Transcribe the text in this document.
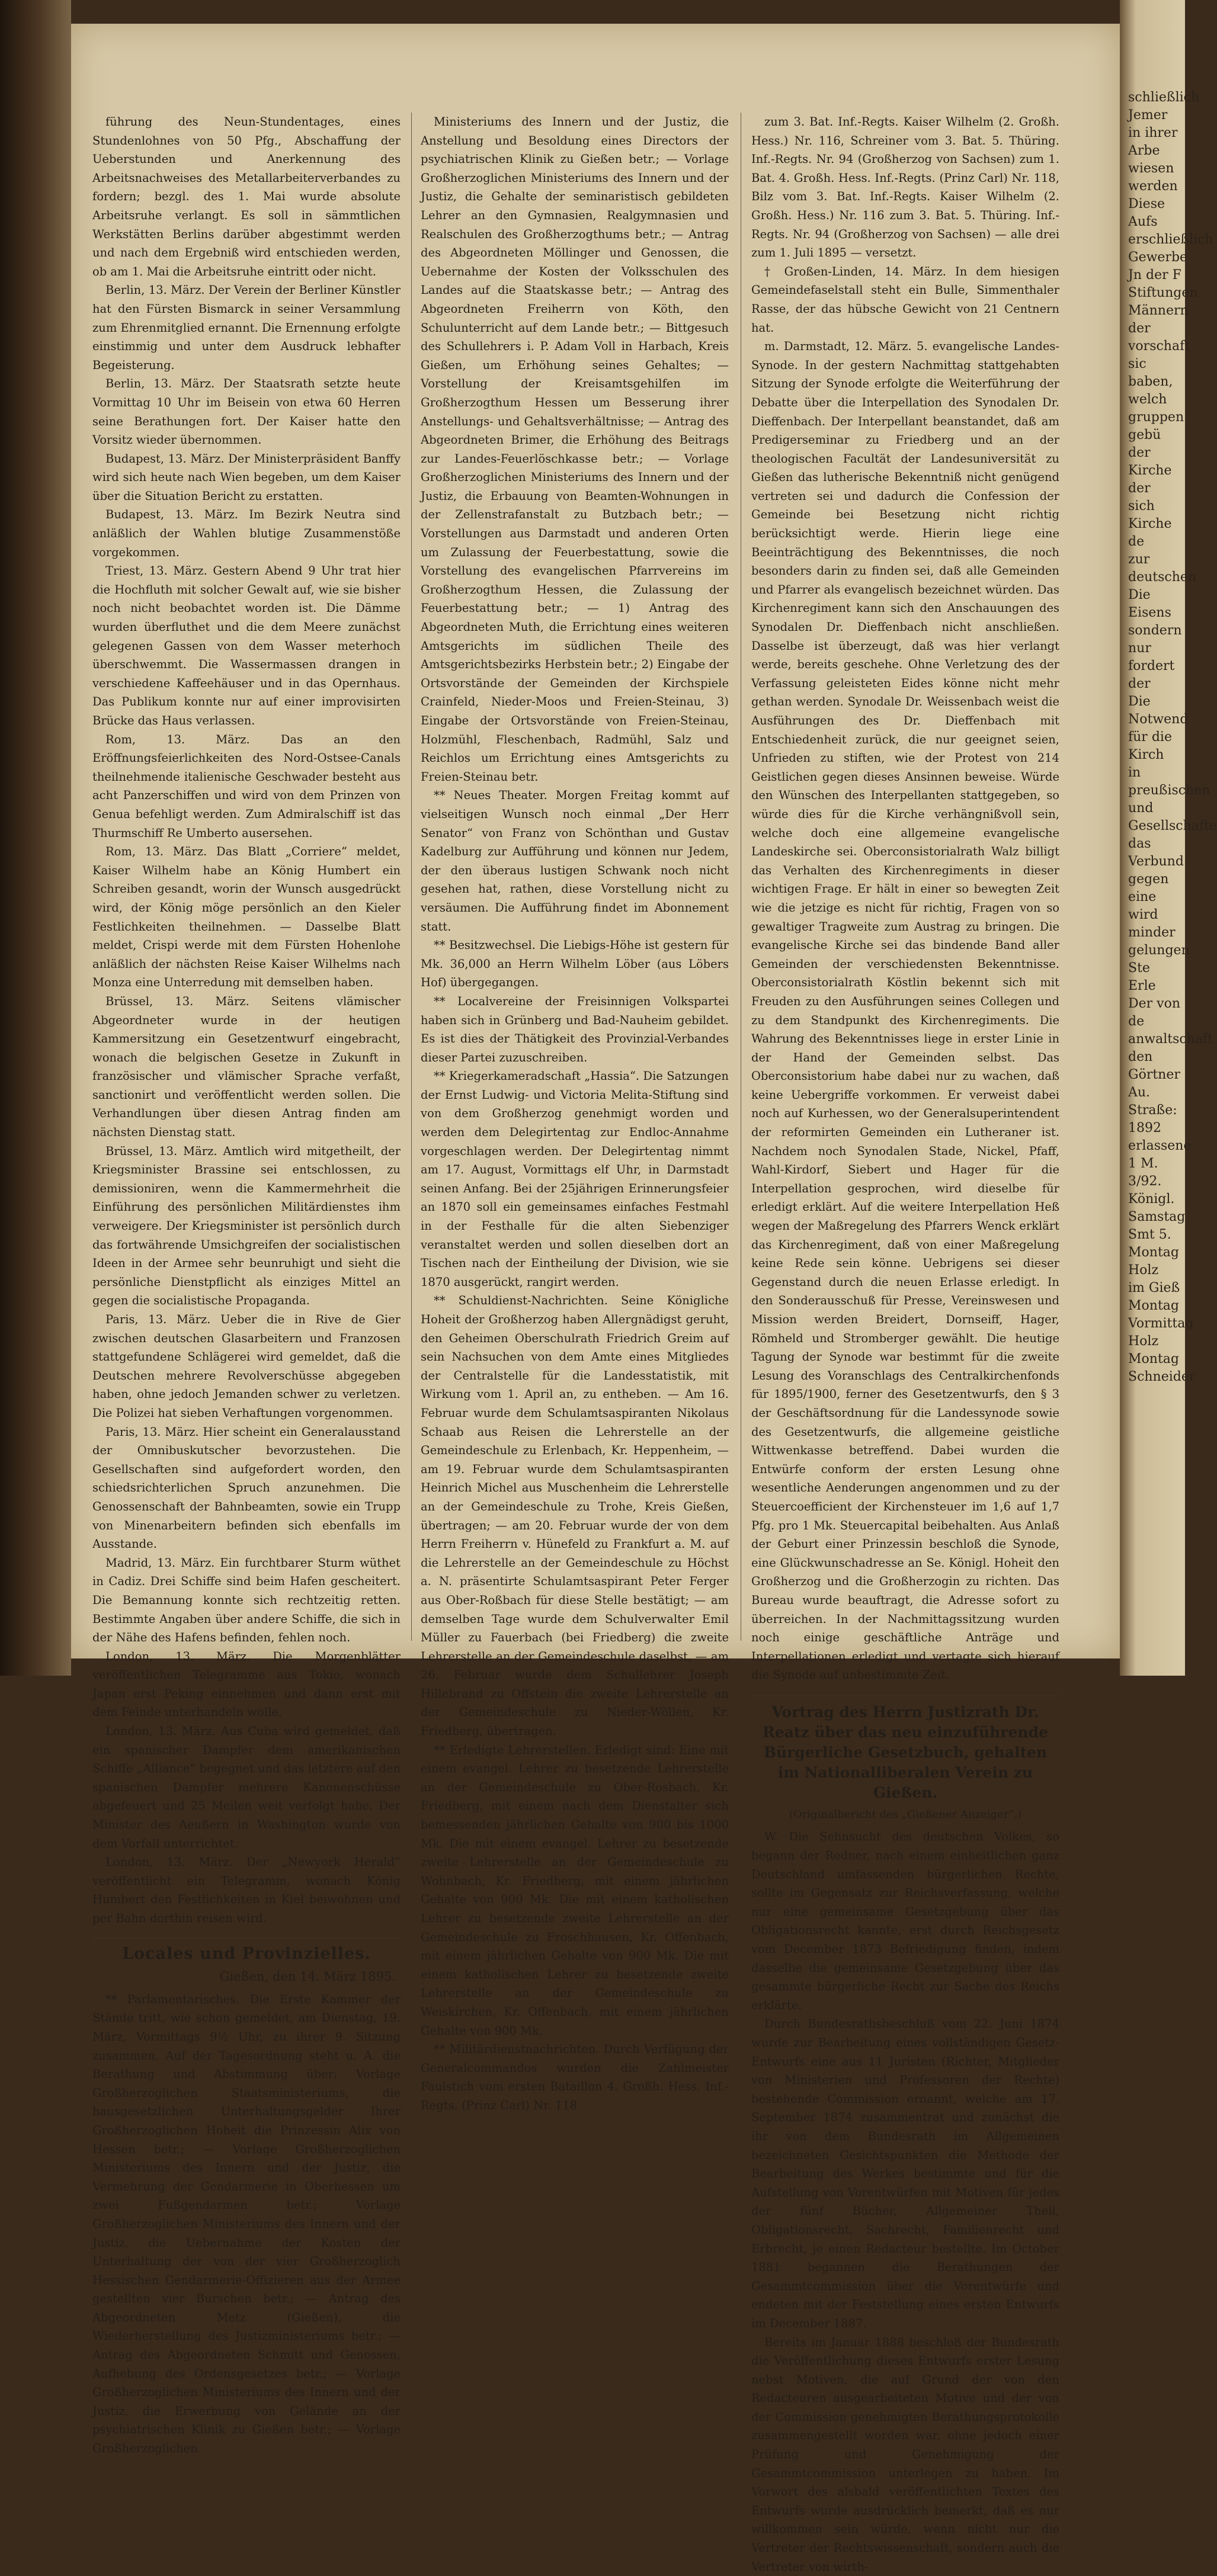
führung des Neun-Stundentages, eines Stundenlohnes von 50 Pfg., Abschaffung der Ueberstunden und Anerkennung des Arbeitsnachweises des Metallarbeiterverbandes zu fordern; bezgl. des 1. Mai wurde absolute Arbeitsruhe verlangt. Es soll in sämmtlichen Werkstätten Berlins darüber abgestimmt werden und nach dem Ergebniß wird entschieden werden, ob am 1. Mai die Arbeitsruhe eintritt oder nicht.

Berlin, 13. März. Der Verein der Berliner Künstler hat den Fürsten Bismarck in seiner Versammlung zum Ehrenmitglied ernannt. Die Ernennung erfolgte einstimmig und unter dem Ausdruck lebhafter Begeisterung.

Berlin, 13. März. Der Staatsrath setzte heute Vormittag 10 Uhr im Beisein von etwa 60 Herren seine Berathungen fort. Der Kaiser hatte den Vorsitz wieder übernommen.

Budapest, 13. März. Der Ministerpräsident Banffy wird sich heute nach Wien begeben, um dem Kaiser über die Situation Bericht zu erstatten.

Budapest, 13. März. Im Bezirk Neutra sind anläßlich der Wahlen blutige Zusammenstöße vorgekommen.

Triest, 13. März. Gestern Abend 9 Uhr trat hier die Hochfluth mit solcher Gewalt auf, wie sie bisher noch nicht beobachtet worden ist. Die Dämme wurden überfluthet und die dem Meere zunächst gelegenen Gassen von dem Wasser meterhoch überschwemmt. Die Wassermassen drangen in verschiedene Kaffeehäuser und in das Opernhaus. Das Publikum konnte nur auf einer improvisirten Brücke das Haus verlassen.

Rom, 13. März. Das an den Eröffnungsfeierlichkeiten des Nord-Ostsee-Canals theilnehmende italienische Geschwader besteht aus acht Panzerschiffen und wird von dem Prinzen von Genua befehligt werden. Zum Admiralschiff ist das Thurmschiff Re Umberto ausersehen.

Rom, 13. März. Das Blatt „Corriere“ meldet, Kaiser Wilhelm habe an König Humbert ein Schreiben gesandt, worin der Wunsch ausgedrückt wird, der König möge persönlich an den Kieler Festlichkeiten theilnehmen. — Dasselbe Blatt meldet, Crispi werde mit dem Fürsten Hohenlohe anläßlich der nächsten Reise Kaiser Wilhelms nach Monza eine Unterredung mit demselben haben.

Brüssel, 13. März. Seitens vlämischer Abgeordneter wurde in der heutigen Kammersitzung ein Gesetzentwurf eingebracht, wonach die belgischen Gesetze in Zukunft in französischer und vlämischer Sprache verfaßt, sanctionirt und veröffentlicht werden sollen. Die Verhandlungen über diesen Antrag finden am nächsten Dienstag statt.

Brüssel, 13. März. Amtlich wird mitgetheilt, der Kriegsminister Brassine sei entschlossen, zu demissioniren, wenn die Kammermehrheit die Einführung des persönlichen Militärdienstes ihm verweigere. Der Kriegsminister ist persönlich durch das fortwährende Umsichgreifen der socialistischen Ideen in der Armee sehr beunruhigt und sieht die persönliche Dienstpflicht als einziges Mittel an gegen die socialistische Propaganda.

Paris, 13. März. Ueber die in Rive de Gier zwischen deutschen Glasarbeitern und Franzosen stattgefundene Schlägerei wird gemeldet, daß die Deutschen mehrere Revolverschüsse abgegeben haben, ohne jedoch Jemanden schwer zu verletzen. Die Polizei hat sieben Verhaftungen vorgenommen.

Paris, 13. März. Hier scheint ein Generalausstand der Omnibuskutscher bevorzustehen. Die Gesellschaften sind aufgefordert worden, den schiedsrichterlichen Spruch anzunehmen. Die Genossenschaft der Bahnbeamten, sowie ein Trupp von Minenarbeitern befinden sich ebenfalls im Ausstande.

Madrid, 13. März. Ein furchtbarer Sturm wüthet in Cadiz. Drei Schiffe sind beim Hafen gescheitert. Die Bemannung konnte sich rechtzeitig retten. Bestimmte Angaben über andere Schiffe, die sich in der Nähe des Hafens befinden, fehlen noch.

London, 13. März. Die Morgenblätter veröffentlichen Telegramme aus Tokio, wonach Japan erst Peking einnehmen und dann erst mit dem Feinde unterhandeln wolle.

London, 13. März. Aus Cuba wird gemeldet, daß ein spanischer Dampfer dem amerikanischen Schiffe „Alliance“ begegnet und das letztere auf den spanischen Dampfer mehrere Kanonenschüsse abgefeuert und 25 Meilen weit verfolgt habe. Der Minister des Aeußern in Washington wurde von dem Vorfall unterrichtet.

London, 13. März. Der „Newyork Herald“ veröffentlicht ein Telegramm, wonach König Humbert den Festlichkeiten in Kiel beiwohnen und per Bahn dorthin reisen wird.

Locales und Provinzielles.
Gießen, den 14. März 1895.

** Parlamentarisches. Die Erste Kammer der Stände tritt, wie schon gemeldet, am Dienstag, 19. März, Vormittags 9½ Uhr, zu ihrer 9. Sitzung zusammen. Auf der Tagesordnung steht u. A. die Berathung und Abstimmung über: Vorlage Großherzoglichen Staatsministeriums, die hausgesetzlichen Unterhaltungsgelder Ihrer Großherzoglichen Hoheit die Prinzessin Alix von Hessen betr.; — Vorlage Großherzoglichen Ministeriums des Innern und der Justiz, die Vermehrung der Gendarmerie in Oberhessen um zwei Fußgendarmen betr.; Vorlage Großherzoglichen Ministeriums des Innern und der Justiz, die Uebernahme der Kosten der Unterhaltung der von der vier Großherzoglich Hessischen Gendarmerie-Offizieren aus der Armee gestellten vier Burschen betr.; — Antrag des Abgeordneten Metz (Gießen), die Wiederherstellung des Justizministeriums betr.; — Antrag des Abgeordneten Schmitt und Genossen, Aufhebung des Ordensgesetzes betr.; — Vorlage Großherzoglichen Ministeriums des Innern und der Justiz, die Erwerbung von Gelände an der psychiatrischen Klinik zu Gießen betr.; — Vorlage Großherzoglichen

Ministeriums des Innern und der Justiz, die Anstellung und Besoldung eines Directors der psychiatrischen Klinik zu Gießen betr.; — Vorlage Großherzoglichen Ministeriums des Innern und der Justiz, die Gehalte der seminaristisch gebildeten Lehrer an den Gymnasien, Realgymnasien und Realschulen des Großherzogthums betr.; — Antrag des Abgeordneten Möllinger und Genossen, die Uebernahme der Kosten der Volksschulen des Landes auf die Staatskasse betr.; — Antrag des Abgeordneten Freiherrn von Köth, den Schulunterricht auf dem Lande betr.; — Bittgesuch des Schullehrers i. P. Adam Voll in Harbach, Kreis Gießen, um Erhöhung seines Gehaltes; — Vorstellung der Kreisamtsgehilfen im Großherzogthum Hessen um Besserung ihrer Anstellungs- und Gehaltsverhältnisse; — Antrag des Abgeordneten Brimer, die Erhöhung des Beitrags zur Landes-Feuerlöschkasse betr.; — Vorlage Großherzoglichen Ministeriums des Innern und der Justiz, die Erbauung von Beamten-Wohnungen in der Zellenstrafanstalt zu Butzbach betr.; — Vorstellungen aus Darmstadt und anderen Orten um Zulassung der Feuerbestattung, sowie die Vorstellung des evangelischen Pfarrvereins im Großherzogthum Hessen, die Zulassung der Feuerbestattung betr.; — 1) Antrag des Abgeordneten Muth, die Errichtung eines weiteren Amtsgerichts im südlichen Theile des Amtsgerichtsbezirks Herbstein betr.; 2) Eingabe der Ortsvorstände der Gemeinden der Kirchspiele Crainfeld, Nieder-Moos und Freien-Steinau, 3) Eingabe der Ortsvorstände von Freien-Steinau, Holzmühl, Fleschenbach, Radmühl, Salz und Reichlos um Errichtung eines Amtsgerichts zu Freien-Steinau betr.

** Neues Theater. Morgen Freitag kommt auf vielseitigen Wunsch noch einmal „Der Herr Senator“ von Franz von Schönthan und Gustav Kadelburg zur Aufführung und können nur Jedem, der den überaus lustigen Schwank noch nicht gesehen hat, rathen, diese Vorstellung nicht zu versäumen. Die Aufführung findet im Abonnement statt.

** Besitzwechsel. Die Liebigs-Höhe ist gestern für Mk. 36,000 an Herrn Wilhelm Löber (aus Löbers Hof) übergegangen.

** Localvereine der Freisinnigen Volkspartei haben sich in Grünberg und Bad-Nauheim gebildet. Es ist dies der Thätigkeit des Provinzial-Verbandes dieser Partei zuzuschreiben.

** Kriegerkameradschaft „Hassia“. Die Satzungen der Ernst Ludwig- und Victoria Melita-Stiftung sind von dem Großherzog genehmigt worden und werden dem Delegirtentag zur Endloc-Annahme vorgeschlagen werden. Der Delegirtentag nimmt am 17. August, Vormittags elf Uhr, in Darmstadt seinen Anfang. Bei der 25jährigen Erinnerungsfeier an 1870 soll ein gemeinsames einfaches Festmahl in der Festhalle für die alten Siebenziger veranstaltet werden und sollen dieselben dort an Tischen nach der Eintheilung der Division, wie sie 1870 ausgerückt, rangirt werden.

** Schuldienst-Nachrichten. Seine Königliche Hoheit der Großherzog haben Allergnädigst geruht, den Geheimen Oberschulrath Friedrich Greim auf sein Nachsuchen von dem Amte eines Mitgliedes der Centralstelle für die Landesstatistik, mit Wirkung vom 1. April an, zu entheben. — Am 16. Februar wurde dem Schulamtsaspiranten Nikolaus Schaab aus Reisen die Lehrerstelle an der Gemeindeschule zu Erlenbach, Kr. Heppenheim, — am 19. Februar wurde dem Schulamtsaspiranten Heinrich Michel aus Muschenheim die Lehrerstelle an der Gemeindeschule zu Trohe, Kreis Gießen, übertragen; — am 20. Februar wurde der von dem Herrn Freiherrn v. Hünefeld zu Frankfurt a. M. auf die Lehrerstelle an der Gemeindeschule zu Höchst a. N. präsentirte Schulamtsaspirant Peter Ferger aus Ober-Roßbach für diese Stelle bestätigt; — am demselben Tage wurde dem Schulverwalter Emil Müller zu Fauerbach (bei Friedberg) die zweite Lehrerstelle an der Gemeindeschule daselbst, — am 26. Februar wurde dem Schullehrer Joseph Hillebrand zu Offstein die zweite Lehrerstelle an der Gemeindeschule zu Nieder-Wöllen, Kr. Friedberg, übertragen.

** Erledigte Lehrerstellen. Erledigt sind: Eine mit einem evangel. Lehrer zu besetzende Lehrerstelle an der Gemeindeschule zu Ober-Rosbach, Kr. Friedberg, mit einem nach dem Dienstalter sich bemessenden jährlichen Gehalte von 900 bis 1000 Mk. Die mit einem evangel. Lehrer zu besetzende zweite Lehrerstelle an der Gemeindeschule zu Wohnbach, Kr. Friedberg, mit einem jährlichen Gehalte von 900 Mk. Die mit einem katholischen Lehrer zu besetzende zweite Lehrerstelle an der Gemeindeschule zu Froschhausen, Kr. Offenbach, mit einem jährlichen Gehalte von 900 Mk. Die mit einem katholischen Lehrer zu besetzende zweite Lehrerstelle an der Gemeindeschule zu Weiskirchen, Kr. Offenbach, mit einem jährlichen Gehalte von 900 Mk.

** Militärdienstnachrichten. Durch Verfügung der Generalcommandos wurden die Zahlmeister Faulstich vom ersten Bataillon 4. Großh. Hess. Inf.-Regts. (Prinz Carl) Nr. 118

zum 3. Bat. Inf.-Regts. Kaiser Wilhelm (2. Großh. Hess.) Nr. 116, Schreiner vom 3. Bat. 5. Thüring. Inf.-Regts. Nr. 94 (Großherzog von Sachsen) zum 1. Bat. 4. Großh. Hess. Inf.-Regts. (Prinz Carl) Nr. 118, Bilz vom 3. Bat. Inf.-Regts. Kaiser Wilhelm (2. Großh. Hess.) Nr. 116 zum 3. Bat. 5. Thüring. Inf.-Regts. Nr. 94 (Großherzog von Sachsen) — alle drei zum 1. Juli 1895 — versetzt.

† Großen-Linden, 14. März. In dem hiesigen Gemeindefaselstall steht ein Bulle, Simmenthaler Rasse, der das hübsche Gewicht von 21 Centnern hat.

m. Darmstadt, 12. März. 5. evangelische Landes-Synode. In der gestern Nachmittag stattgehabten Sitzung der Synode erfolgte die Weiterführung der Debatte über die Interpellation des Synodalen Dr. Dieffenbach. Der Interpellant beanstandet, daß am Predigerseminar zu Friedberg und an der theologischen Facultät der Landesuniversität zu Gießen das lutherische Bekenntniß nicht genügend vertreten sei und dadurch die Confession der Gemeinde bei Besetzung nicht richtig berücksichtigt werde. Hierin liege eine Beeinträchtigung des Bekenntnisses, die noch besonders darin zu finden sei, daß alle Gemeinden und Pfarrer als evangelisch bezeichnet würden. Das Kirchenregiment kann sich den Anschauungen des Synodalen Dr. Dieffenbach nicht anschließen. Dasselbe ist überzeugt, daß was hier verlangt werde, bereits geschehe. Ohne Verletzung des der Verfassung geleisteten Eides könne nicht mehr gethan werden. Synodale Dr. Weissenbach weist die Ausführungen des Dr. Dieffenbach mit Entschiedenheit zurück, die nur geeignet seien, Unfrieden zu stiften, wie der Protest von 214 Geistlichen gegen dieses Ansinnen beweise. Würde den Wünschen des Interpellanten stattgegeben, so würde dies für die Kirche verhängnißvoll sein, welche doch eine allgemeine evangelische Landeskirche sei. Oberconsistorialrath Walz billigt das Verhalten des Kirchenregiments in dieser wichtigen Frage. Er hält in einer so bewegten Zeit wie die jetzige es nicht für richtig, Fragen von so gewaltiger Tragweite zum Austrag zu bringen. Die evangelische Kirche sei das bindende Band aller Gemeinden der verschiedensten Bekenntnisse. Oberconsistorialrath Köstlin bekennt sich mit Freuden zu den Ausführungen seines Collegen und zu dem Standpunkt des Kirchenregiments. Die Wahrung des Bekenntnisses liege in erster Linie in der Hand der Gemeinden selbst. Das Oberconsistorium habe dabei nur zu wachen, daß keine Uebergriffe vorkommen. Er verweist dabei noch auf Kurhessen, wo der Generalsuperintendent der reformirten Gemeinden ein Lutheraner ist. Nachdem noch Synodalen Stade, Nickel, Pfaff, Wahl-Kirdorf, Siebert und Hager für die Interpellation gesprochen, wird dieselbe für erledigt erklärt. Auf die weitere Interpellation Heß wegen der Maßregelung des Pfarrers Wenck erklärt das Kirchenregiment, daß von einer Maßregelung keine Rede sein könne. Uebrigens sei dieser Gegenstand durch die neuen Erlasse erledigt. In den Sonderausschuß für Presse, Vereinswesen und Mission werden Breidert, Dornseiff, Hager, Römheld und Stromberger gewählt. Die heutige Tagung der Synode war bestimmt für die zweite Lesung des Voranschlags des Centralkirchenfonds für 1895/1900, ferner des Gesetzentwurfs, den § 3 der Geschäftsordnung für die Landessynode sowie des Gesetzentwurfs, die allgemeine geistliche Wittwenkasse betreffend. Dabei wurden die Entwürfe conform der ersten Lesung ohne wesentliche Aenderungen angenommen und zu der Steuercoefficient der Kirchensteuer im 1,6 auf 1,7 Pfg. pro 1 Mk. Steuercapital beibehalten. Aus Anlaß der Geburt einer Prinzessin beschloß die Synode, eine Glückwunschadresse an Se. Königl. Hoheit den Großherzog und die Großherzogin zu richten. Das Bureau wurde beauftragt, die Adresse sofort zu überreichen. In der Nachmittagssitzung wurden noch einige geschäftliche Anträge und Interpellationen erledigt und vertagte sich hierauf die Synode auf unbestimmte Zeit.

Vortrag des Herrn Justizrath Dr. Reatz über das neu einzuführende Bürgerliche Gesetzbuch, gehalten im Nationalliberalen Verein zu Gießen.
(Originalbericht des „Gießener Anzeiger“.)

W. Die Sehnsucht des deutschen Volkes, so begann der Redner, nach einem einheitlichen ganz Deutschland umfassenden bürgerlichen Rechte, sollte im Gegensatz zur Reichsverfassung, welche nur eine gemeinsame Gesetzgebung über das Obligationsrecht kannte, erst durch Reichsgesetz vom December 1873 Befriedigung finden, indem dasselbe die gemeinsame Gesetzgebung über das gesammte bürgerliche Recht zur Sache des Reichs erklärte.

Durch Bundesrathsbeschluß vom 22. Juni 1874 wurde zur Bearbeitung eines vollständigen Gesetz-Entwurfs eine aus 11 Juristen (Richter, Mitglieder von Ministerien und Professoren der Rechte) bestehende Commission ernannt, welche am 17. September 1874 zusammentrat und zunächst die ihr von dem Bundesrath im Allgemeinen bezeichneten Gesichtspunkten die Methode der Bearbeitung des Werkes bestimmte und für die Aufstellung von Vorentwürfen mit Motiven für jedes der fünf Bücher, Allgemeiner Theil, Obligationsrecht, Sachrecht, Familienrecht und Erbrecht, je einen Redacteur bestellte. Im October 1881 begannen die Berathungen der Gesammtcommission über die Vorentwürfe und endeten mit der Feststellung eines ersten Entwurfs im December 1887.

Bereits im Januar 1888 beschloß der Bundesrath die Veröffentlichung dieses Entwurfs erster Lesung nebst Motiven, die auf Grund der von den Redacteuren ausgearbeiteten Motive und der von der Commission genehmigten Berathungsprotokolle zusammengestellt worden war, ohne jedoch einer Prüfung und Genehmigung der Gesammtcommission unterlegen zu haben. Im Vorwort des alsbald veröffentlichten Textes des Entwurfs wurde ausdrücklich bemerkt, daß es nur willkommen sein würde, wenn nicht nur die Vertreter der Rechtswissenschaft, sondern auch die Vertreter von wirth-

schließlich Jemer
in ihrer Arbe
wiesen werden
Diese Aufs
erschließlich
Gewerbe
Jn der F
Stiftungen
Männern der
vorschaft sic
baben, welch
gruppen gebü
der Kirche der
sich Kirche de
zur deutschen
Die Eisens
sondern nur
fordert der
Die Notwend
für die Kirch
in preußischen
und Gesellschafte
das Verbund
gegen eine
wird minder
gelungen
Ste
Erle
Der von de
anwaltschaft
den Görtner
Au. Straße:
1892 erlassene
1 M. 3/92.
Königl.
Samstag
Smt 5.
Montag
Holz
im Gieß
Montag
Vormittag
Holz
Montag
Schneider
